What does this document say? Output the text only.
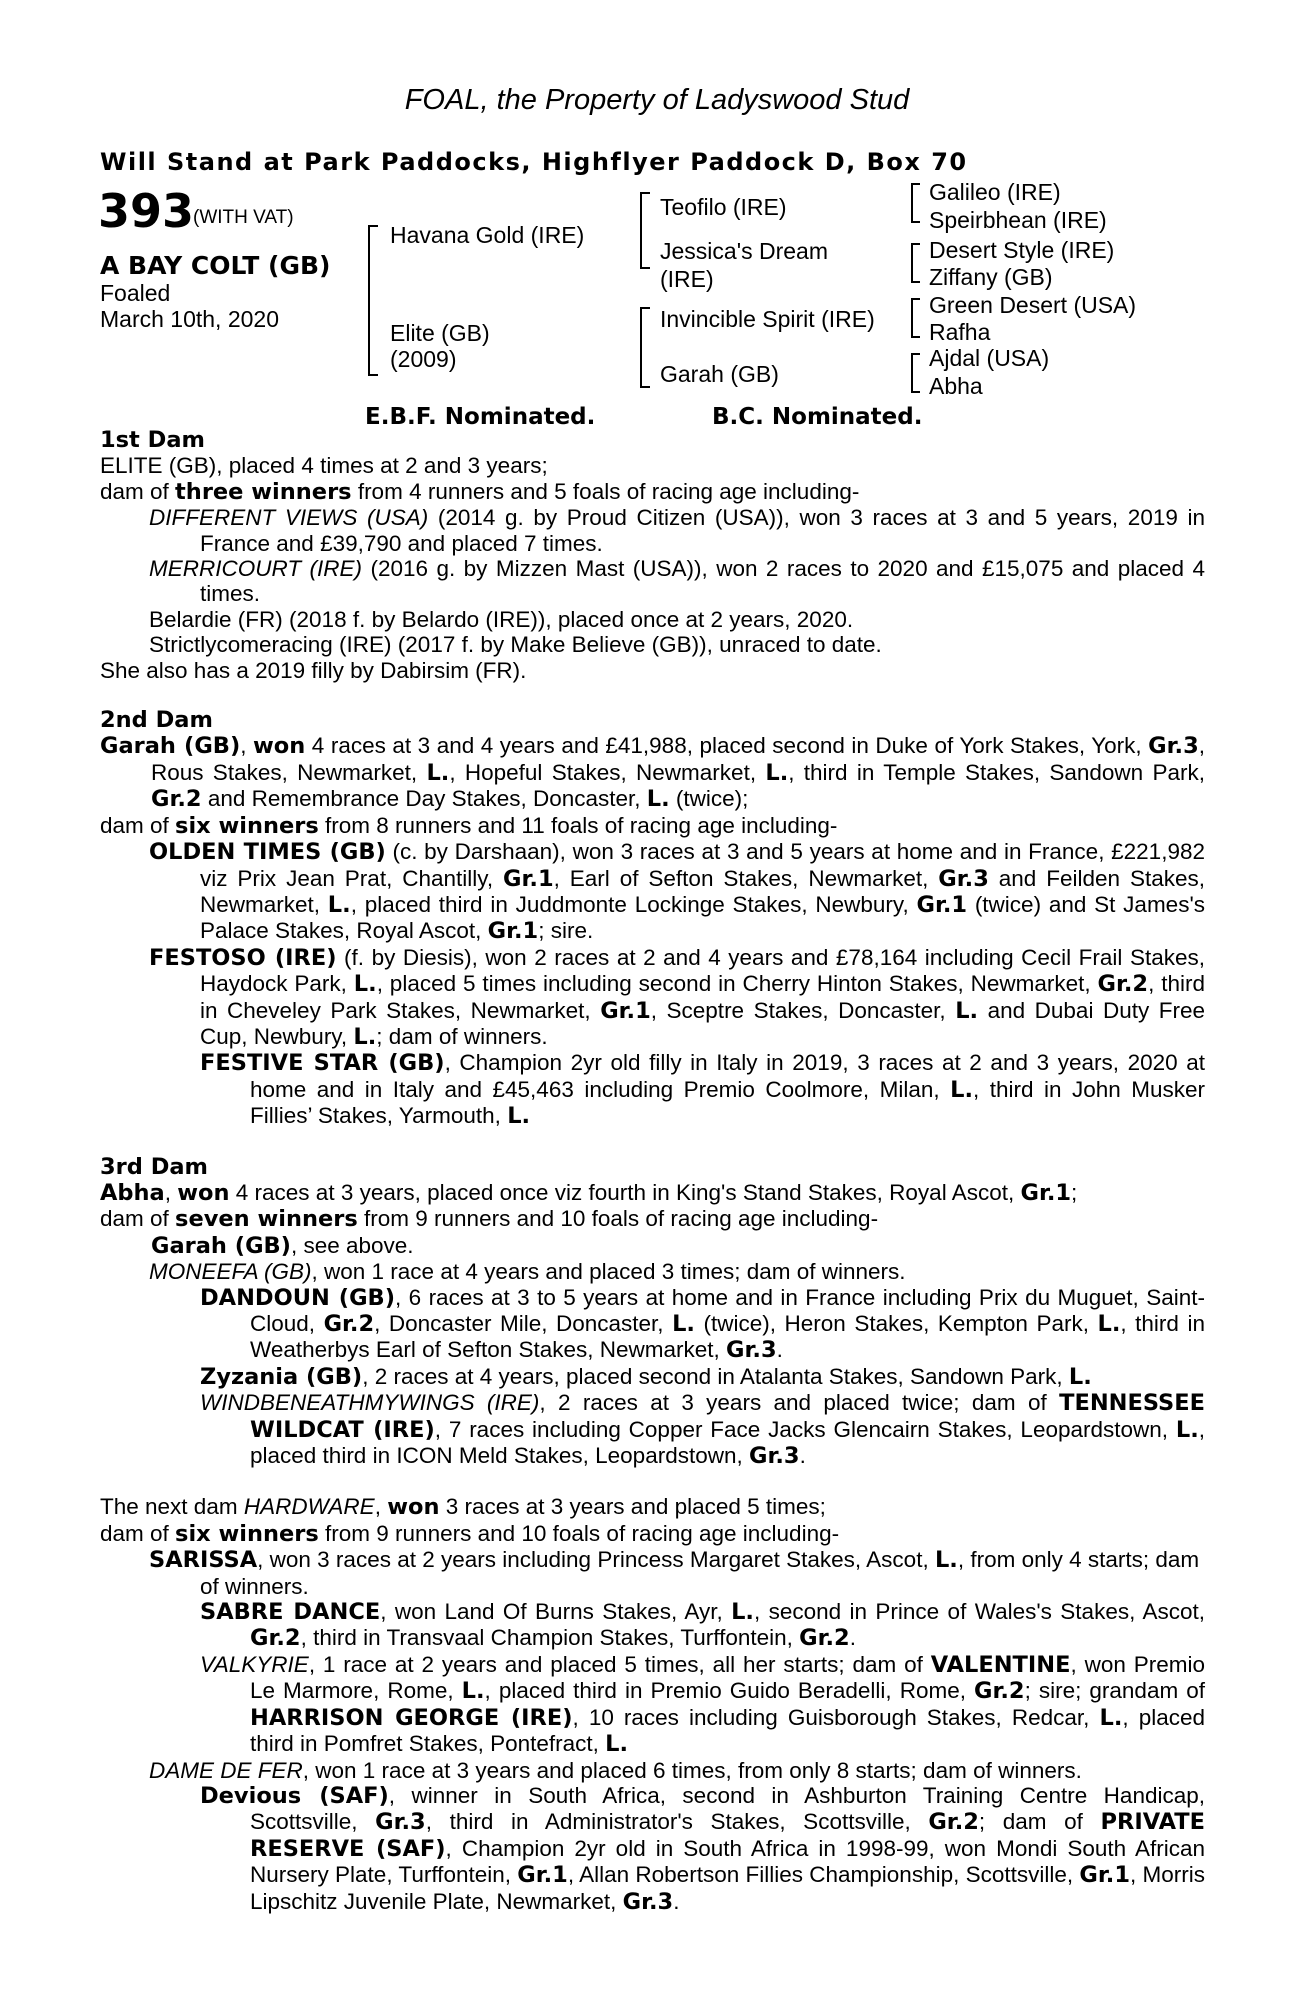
FOAL, the Property of Ladyswood Stud
Will Stand at Park Paddocks, Highflyer Paddock D, Box 70
393
(WITH VAT)
A BAY COLT (GB)
Foaled
March 10th, 2020
Havana Gold (IRE)
Elite (GB)
(2009)
Teofilo (IRE)
Jessica's Dream
(IRE)
Invincible Spirit (IRE)
Garah (GB)
Galileo (IRE)
Speirbhean (IRE)
Desert Style (IRE)
Ziffany (GB)
Green Desert (USA)
Rafha
Ajdal (USA)
Abha
E.B.F. Nominated.	B.C. Nominated.

1st Dam

ELITE (GB), placed 4 times at 2 and 3 years;

dam of three winners from 4 runners and 5 foals of racing age including-

DIFFERENT VIEWS (USA) (2014 g. by Proud Citizen (USA)), won 3 races at 3 and 5 years, 2019 in France and £39,790 and placed 7 times.

MERRICOURT (IRE) (2016 g. by Mizzen Mast (USA)), won 2 races to 2020 and £15,075 and placed 4 times.

Belardie (FR) (2018 f. by Belardo (IRE)), placed once at 2 years, 2020.

Strictlycomeracing (IRE) (2017 f. by Make Believe (GB)), unraced to date.

She also has a 2019 filly by Dabirsim (FR).

2nd Dam

Garah (GB), won 4 races at 3 and 4 years and £41,988, placed second in Duke of York Stakes, York, Gr.3, Rous Stakes, Newmarket, L., Hopeful Stakes, Newmarket, L., third in Temple Stakes, Sandown Park, Gr.2 and Remembrance Day Stakes, Doncaster, L. (twice);

dam of six winners from 8 runners and 11 foals of racing age including-

OLDEN TIMES (GB) (c. by Darshaan), won 3 races at 3 and 5 years at home and in France, £221,982 viz Prix Jean Prat, Chantilly, Gr.1, Earl of Sefton Stakes, Newmarket, Gr.3 and Feilden Stakes, Newmarket, L., placed third in Juddmonte Lockinge Stakes, Newbury, Gr.1 (twice) and St James's Palace Stakes, Royal Ascot, Gr.1; sire.

FESTOSO (IRE) (f. by Diesis), won 2 races at 2 and 4 years and £78,164 including Cecil Frail Stakes, Haydock Park, L., placed 5 times including second in Cherry Hinton Stakes, Newmarket, Gr.2, third in Cheveley Park Stakes, Newmarket, Gr.1, Sceptre Stakes, Doncaster, L. and Dubai Duty Free Cup, Newbury, L.; dam of winners.

FESTIVE STAR (GB), Champion 2yr old filly in Italy in 2019, 3 races at 2 and 3 years, 2020 at home and in Italy and £45,463 including Premio Coolmore, Milan, L., third in John Musker Fillies’ Stakes, Yarmouth, L.

3rd Dam

Abha, won 4 races at 3 years, placed once viz fourth in King's Stand Stakes, Royal Ascot, Gr.1;

dam of seven winners from 9 runners and 10 foals of racing age including-

Garah (GB), see above.

MONEEFA (GB), won 1 race at 4 years and placed 3 times; dam of winners.

DANDOUN (GB), 6 races at 3 to 5 years at home and in France including Prix du Muguet, Saint-Cloud, Gr.2, Doncaster Mile, Doncaster, L. (twice), Heron Stakes, Kempton Park, L., third in Weatherbys Earl of Sefton Stakes, Newmarket, Gr.3.

Zyzania (GB), 2 races at 4 years, placed second in Atalanta Stakes, Sandown Park, L.

WINDBENEATHMYWINGS (IRE), 2 races at 3 years and placed twice; dam of TENNESSEE WILDCAT (IRE), 7 races including Copper Face Jacks Glencairn Stakes, Leopardstown, L., placed third in ICON Meld Stakes, Leopardstown, Gr.3.

The next dam HARDWARE, won 3 races at 3 years and placed 5 times;

dam of six winners from 9 runners and 10 foals of racing age including-

SARISSA, won 3 races at 2 years including Princess Margaret Stakes, Ascot, L., from only 4 starts; dam of winners.

SABRE DANCE, won Land Of Burns Stakes, Ayr, L., second in Prince of Wales's Stakes, Ascot, Gr.2, third in Transvaal Champion Stakes, Turffontein, Gr.2.

VALKYRIE, 1 race at 2 years and placed 5 times, all her starts; dam of VALENTINE, won Premio Le Marmore, Rome, L., placed third in Premio Guido Beradelli, Rome, Gr.2; sire; grandam of HARRISON GEORGE (IRE), 10 races including Guisborough Stakes, Redcar, L., placed third in Pomfret Stakes, Pontefract, L.

DAME DE FER, won 1 race at 3 years and placed 6 times, from only 8 starts; dam of winners.

Devious (SAF), winner in South Africa, second in Ashburton Training Centre Handicap, Scottsville, Gr.3, third in Administrator's Stakes, Scottsville, Gr.2; dam of PRIVATE RESERVE (SAF), Champion 2yr old in South Africa in 1998-99, won Mondi South African Nursery Plate, Turffontein, Gr.1, Allan Robertson Fillies Championship, Scottsville, Gr.1, Morris Lipschitz Juvenile Plate, Newmarket, Gr.3.
